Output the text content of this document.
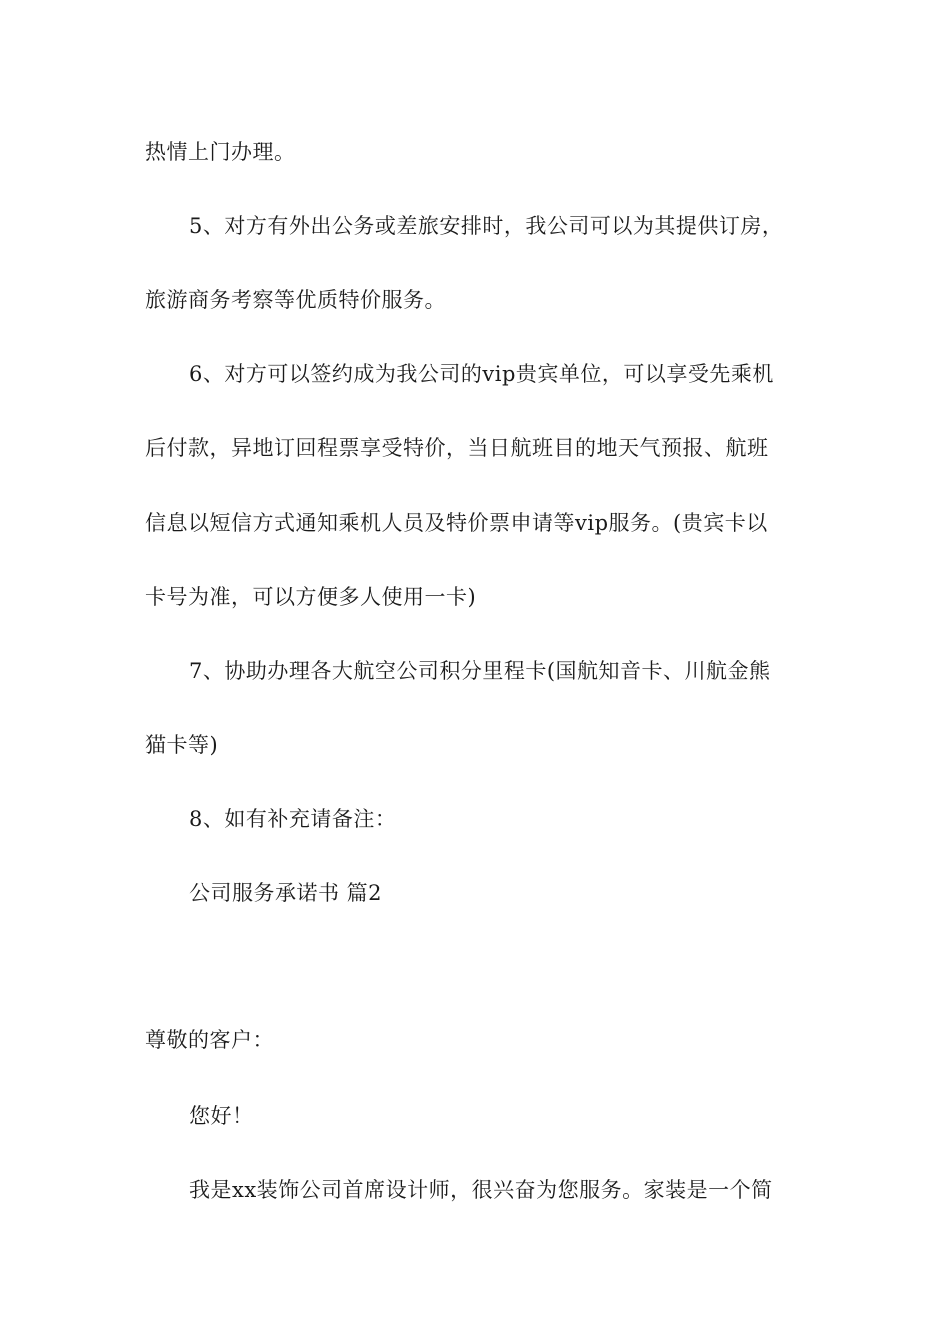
热情上门办理。
5、对方有外出公务或差旅安排时，我公司可以为其提供订房，
旅游商务考察等优质特价服务。
6、对方可以签约成为我公司的vip贵宾单位，可以享受先乘机
后付款，异地订回程票享受特价，当日航班目的地天气预报、航班
信息以短信方式通知乘机人员及特价票申请等vip服务。(贵宾卡以
卡号为准，可以方便多人使用一卡)
7、协助办理各大航空公司积分里程卡(国航知音卡、川航金熊
猫卡等)
8、如有补充请备注：
公司服务承诺书 篇2
尊敬的客户：
您好！
我是xx装饰公司首席设计师，很兴奋为您服务。家装是一个简
